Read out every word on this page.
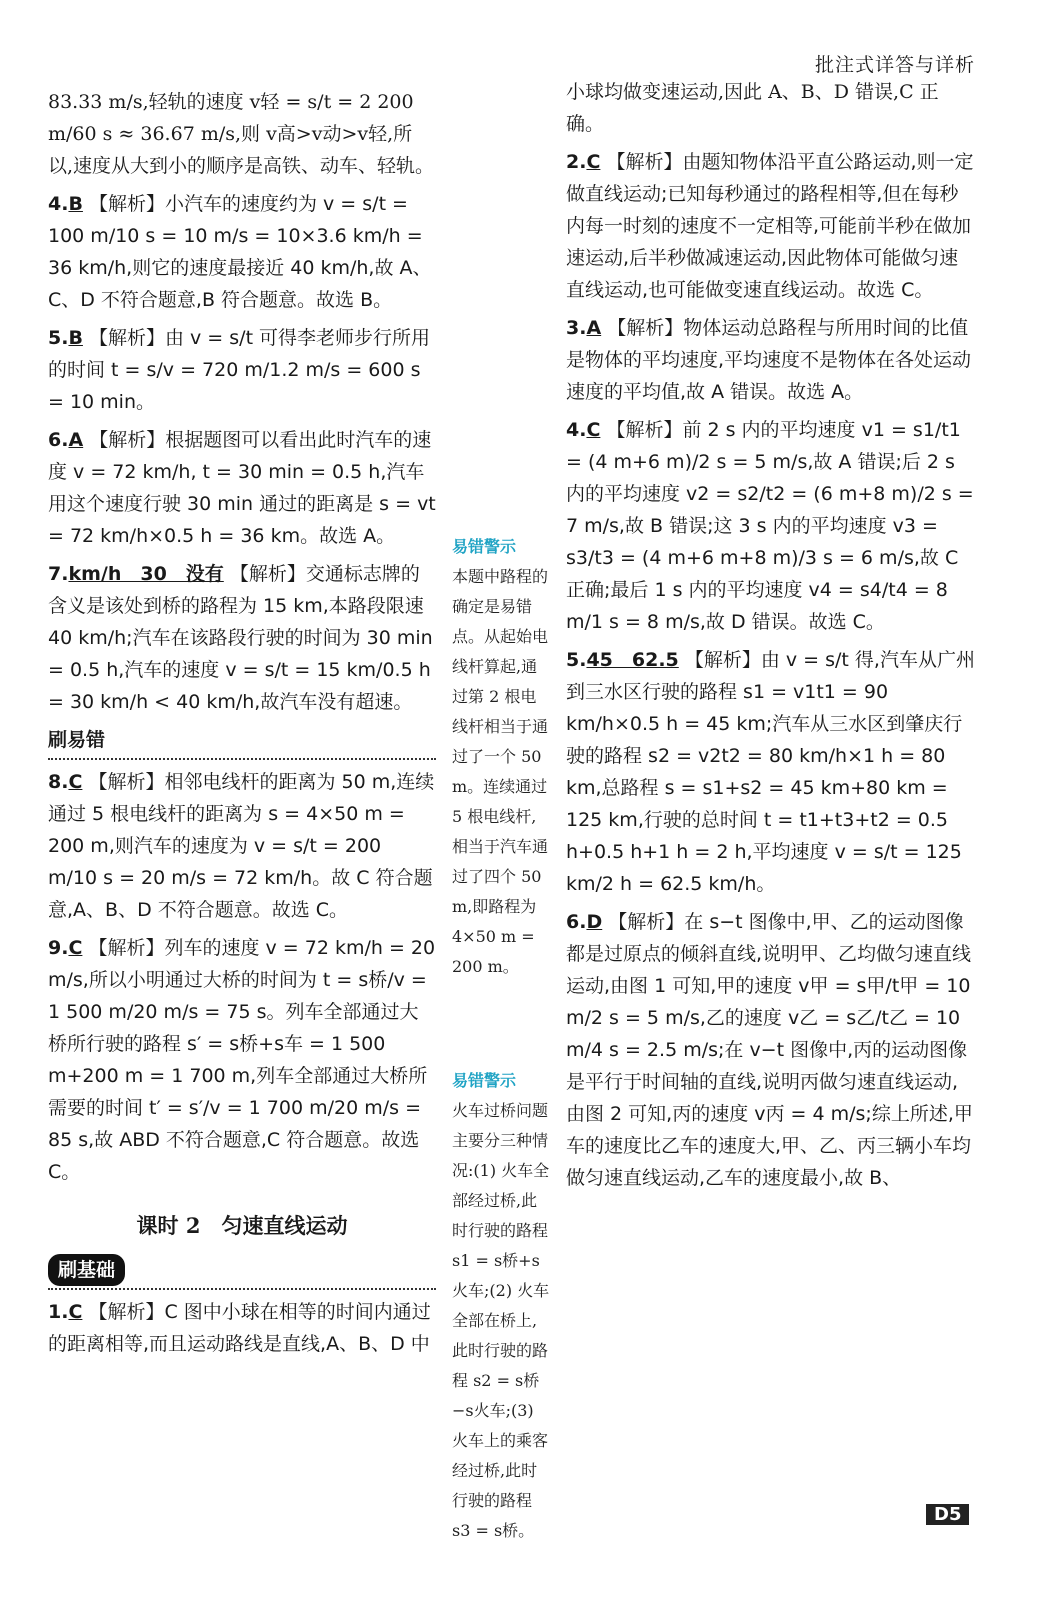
批注式详答与详析

83.33 m/s,轻轨的速度 v轻 = s/t = 2 200 m/60 s ≈ 36.67 m/s,则 v高>v动>v轻,所以,速度从大到小的顺序是高铁、动车、轻轨。

4.B 【解析】小汽车的速度约为 v = s/t = 100 m/10 s = 10 m/s = 10×3.6 km/h = 36 km/h,则它的速度最接近 40 km/h,故 A、C、D 不符合题意,B 符合题意。故选 B。

5.B 【解析】由 v = s/t 可得李老师步行所用的时间 t = s/v = 720 m/1.2 m/s = 600 s = 10 min。

6.A 【解析】根据题图可以看出此时汽车的速度 v = 72 km/h, t = 30 min = 0.5 h,汽车用这个速度行驶 30 min 通过的距离是 s = vt = 72 km/h×0.5 h = 36 km。故选 A。

7.km/h　30　没有 【解析】交通标志牌的含义是该处到桥的路程为 15 km,本路段限速 40 km/h;汽车在该路段行驶的时间为 30 min = 0.5 h,汽车的速度 v = s/t = 15 km/0.5 h = 30 km/h < 40 km/h,故汽车没有超速。

刷易错

8.C 【解析】相邻电线杆的距离为 50 m,连续通过 5 根电线杆的距离为 s = 4×50 m = 200 m,则汽车的速度为 v = s/t = 200 m/10 s = 20 m/s = 72 km/h。故 C 符合题意,A、B、D 不符合题意。故选 C。

9.C 【解析】列车的速度 v = 72 km/h = 20 m/s,所以小明通过大桥的时间为 t = s桥/v = 1 500 m/20 m/s = 75 s。列车全部通过大桥所行驶的路程 s′ = s桥+s车 = 1 500 m+200 m = 1 700 m,列车全部通过大桥所需要的时间 t′ = s′/v = 1 700 m/20 m/s = 85 s,故 ABD 不符合题意,C 符合题意。故选 C。

课时 2　匀速直线运动
刷基础

1.C 【解析】C 图中小球在相等的时间内通过的距离相等,而且运动路线是直线,A、B、D 中

易错警示
本题中路程的确定是易错点。从起始电线杆算起,通过第 2 根电线杆相当于通过了一个 50 m。连续通过 5 根电线杆,相当于汽车通过了四个 50 m,即路程为 4×50 m = 200 m。
易错警示
火车过桥问题主要分三种情况:(1) 火车全部经过桥,此时行驶的路程 s1 = s桥+s火车;(2) 火车全部在桥上,此时行驶的路程 s2 = s桥−s火车;(3) 火车上的乘客经过桥,此时行驶的路程 s3 = s桥。

小球均做变速运动,因此 A、B、D 错误,C 正确。

2.C 【解析】由题知物体沿平直公路运动,则一定做直线运动;已知每秒通过的路程相等,但在每秒内每一时刻的速度不一定相等,可能前半秒在做加速运动,后半秒做减速运动,因此物体可能做匀速直线运动,也可能做变速直线运动。故选 C。

3.A 【解析】物体运动总路程与所用时间的比值是物体的平均速度,平均速度不是物体在各处运动速度的平均值,故 A 错误。故选 A。

4.C 【解析】前 2 s 内的平均速度 v1 = s1/t1 = (4 m+6 m)/2 s = 5 m/s,故 A 错误;后 2 s 内的平均速度 v2 = s2/t2 = (6 m+8 m)/2 s = 7 m/s,故 B 错误;这 3 s 内的平均速度 v3 = s3/t3 = (4 m+6 m+8 m)/3 s = 6 m/s,故 C 正确;最后 1 s 内的平均速度 v4 = s4/t4 = 8 m/1 s = 8 m/s,故 D 错误。故选 C。

5.45　62.5 【解析】由 v = s/t 得,汽车从广州到三水区行驶的路程 s1 = v1t1 = 90 km/h×0.5 h = 45 km;汽车从三水区到肇庆行驶的路程 s2 = v2t2 = 80 km/h×1 h = 80 km,总路程 s = s1+s2 = 45 km+80 km = 125 km,行驶的总时间 t = t1+t3+t2 = 0.5 h+0.5 h+1 h = 2 h,平均速度 v = s/t = 125 km/2 h = 62.5 km/h。

6.D 【解析】在 s−t 图像中,甲、乙的运动图像都是过原点的倾斜直线,说明甲、乙均做匀速直线运动,由图 1 可知,甲的速度 v甲 = s甲/t甲 = 10 m/2 s = 5 m/s,乙的速度 v乙 = s乙/t乙 = 10 m/4 s = 2.5 m/s;在 v−t 图像中,丙的运动图像是平行于时间轴的直线,说明丙做匀速直线运动,由图 2 可知,丙的速度 v丙 = 4 m/s;综上所述,甲车的速度比乙车的速度大,甲、乙、丙三辆小车均做匀速直线运动,乙车的速度最小,故 B、

D5
